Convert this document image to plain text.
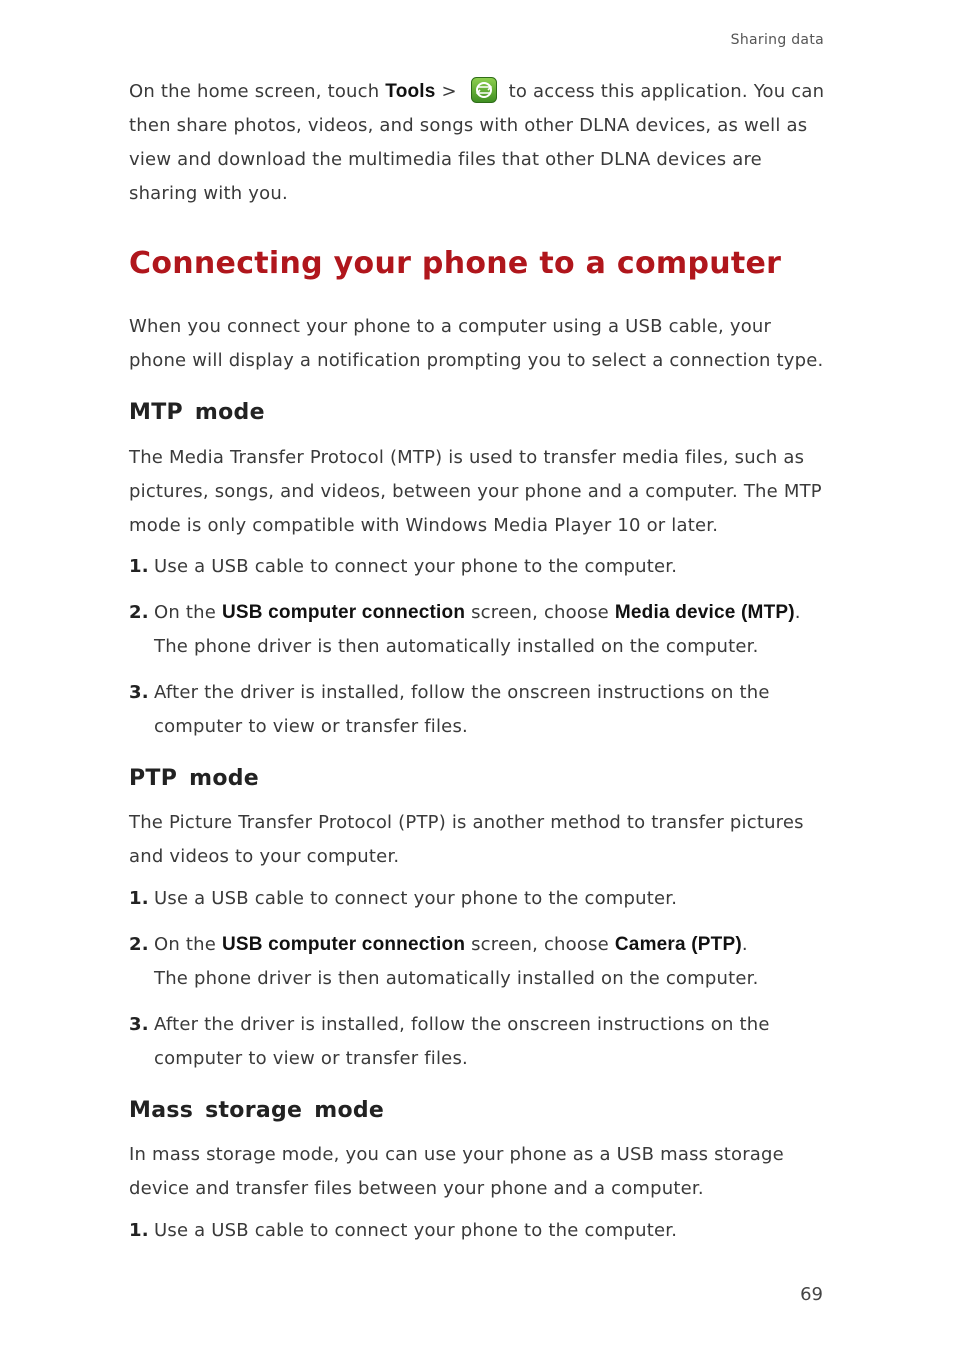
Sharing data
On the home screen, touch Tools >	to access this application. You can then share photos, videos, and songs with other DLNA devices, as well as view and download the multimedia files that other DLNA devices are sharing with you.
Connecting your phone to a computer
When you connect your phone to a computer using a USB cable, your phone will display a notification prompting you to select a connection type.
MTP mode
The Media Transfer Protocol (MTP) is used to transfer media files, such as pictures, songs, and videos, between your phone and a computer. The MTP mode is only compatible with Windows Media Player 10 or later.
1. Use a USB cable to connect your phone to the computer.
2. On the USB computer connection screen, choose Media device (MTP).
The phone driver is then automatically installed on the computer.
3. After the driver is installed, follow the onscreen instructions on the
computer to view or transfer files.
PTP mode
The Picture Transfer Protocol (PTP) is another method to transfer pictures and videos to your computer.
1. Use a USB cable to connect your phone to the computer.
2. On the USB computer connection screen, choose Camera (PTP).
The phone driver is then automatically installed on the computer.
3. After the driver is installed, follow the onscreen instructions on the
computer to view or transfer files.
Mass storage mode
In mass storage mode, you can use your phone as a USB mass storage device and transfer files between your phone and a computer.
1. Use a USB cable to connect your phone to the computer.
69
